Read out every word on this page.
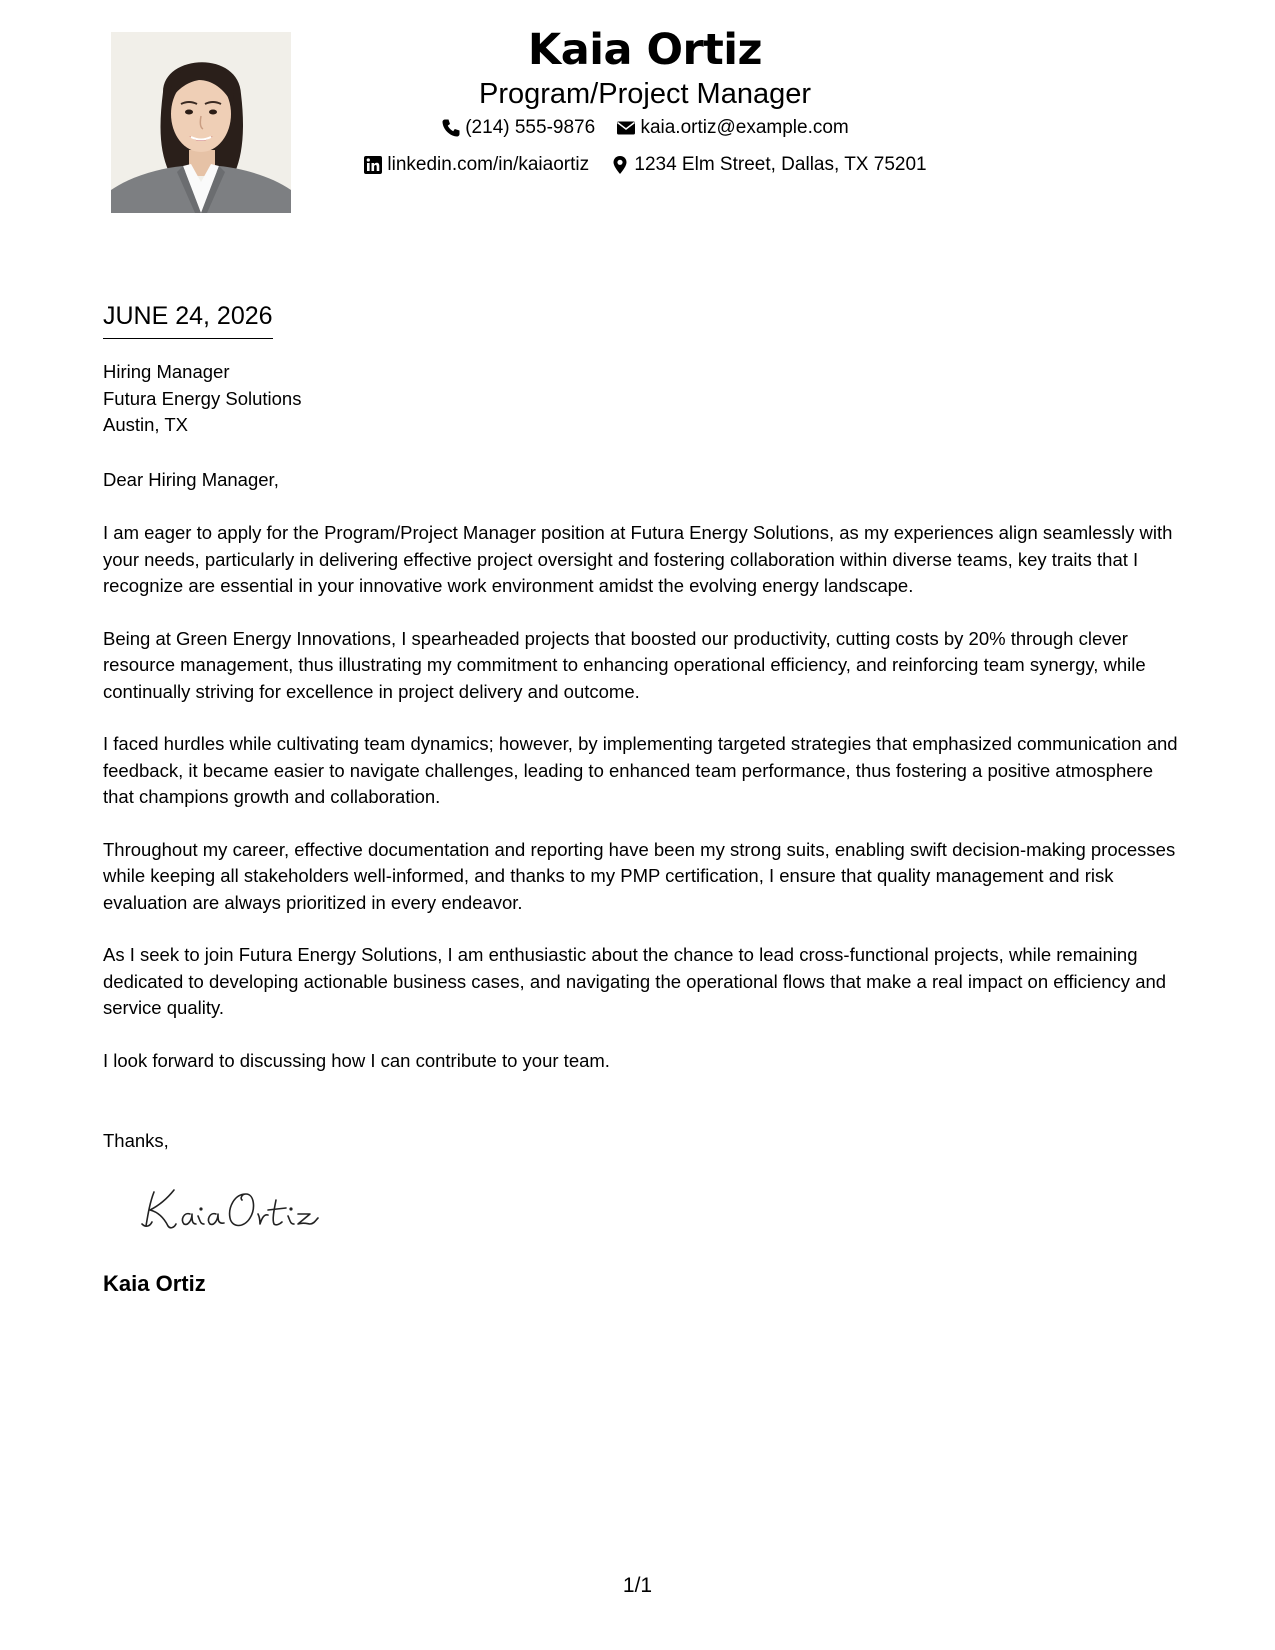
Kaia Ortiz
Program/Project Manager
(214) 555-9876
kaia.ortiz@example.com
linkedin.com/in/kaiaortiz
1234 Elm Street, Dallas, TX 75201
JUNE 24, 2026
Hiring Manager
Futura Energy Solutions
Austin, TX
Dear Hiring Manager,

I am eager to apply for the Program/Project Manager position at Futura Energy Solutions, as my experiences align seamlessly with your needs, particularly in delivering effective project oversight and fostering collaboration within diverse teams, key traits that I recognize are essential in your innovative work environment amidst the evolving energy landscape.

Being at Green Energy Innovations, I spearheaded projects that boosted our productivity, cutting costs by 20% through clever resource management, thus illustrating my commitment to enhancing operational efficiency, and reinforcing team synergy, while continually striving for excellence in project delivery and outcome.

I faced hurdles while cultivating team dynamics; however, by implementing targeted strategies that emphasized communication and feedback, it became easier to navigate challenges, leading to enhanced team performance, thus fostering a positive atmosphere that champions growth and collaboration.

Throughout my career, effective documentation and reporting have been my strong suits, enabling swift decision-making processes while keeping all stakeholders well-informed, and thanks to my PMP certification, I ensure that quality management and risk evaluation are always prioritized in every endeavor.

As I seek to join Futura Energy Solutions, I am enthusiastic about the chance to lead cross-functional projects, while remaining dedicated to developing actionable business cases, and navigating the operational flows that make a real impact on efficiency and service quality.

I look forward to discussing how I can contribute to your team.

Thanks,
Kaia Ortiz
1/1
